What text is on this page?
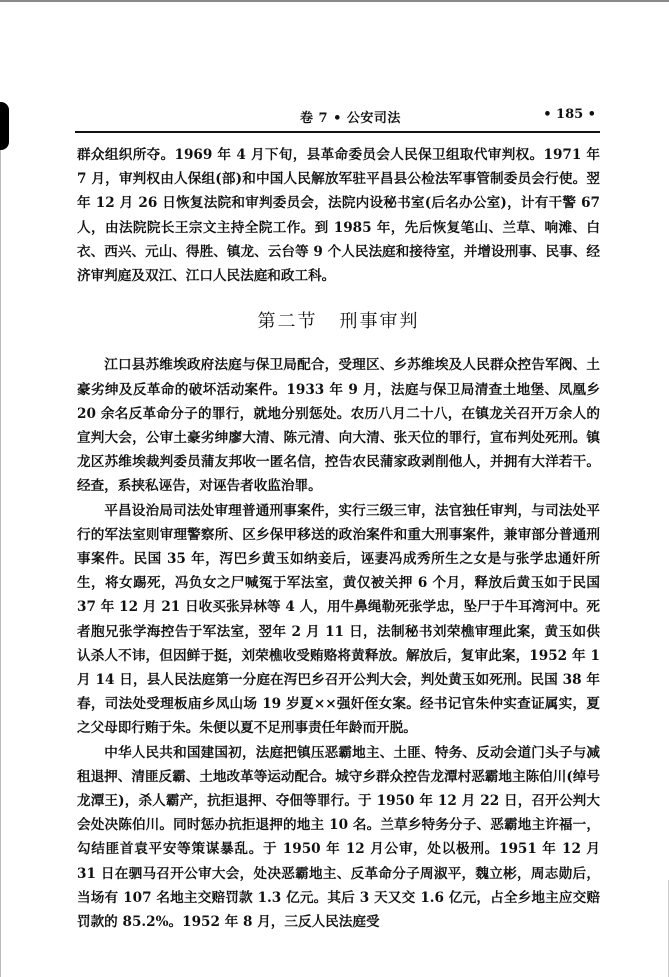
卷 7 • 公安司法	• 185 •

群众组织所夺。1969 年 4 月下旬，县革命委员会人民保卫组取代审判权。1971 年 7 月，审判权由人保组(部)和中国人民解放军驻平昌县公检法军事管制委员会行使。翌年 12 月 26 日恢复法院和审判委员会，法院内设秘书室(后名办公室)，计有干警 67人，由法院院长王宗文主持全院工作。到 1985 年，先后恢复笔山、兰草、响滩、白衣、西兴、元山、得胜、镇龙、云台等 9 个人民法庭和接待室，并增设刑事、民事、经济审判庭及双江、江口人民法庭和政工科。

第二节 刑事审判

江口县苏维埃政府法庭与保卫局配合，受理区、乡苏维埃及人民群众控告军阀、土豪劣绅及反革命的破坏活动案件。1933 年 9 月，法庭与保卫局清查土地堡、凤凰乡 20 余名反革命分子的罪行，就地分别惩处。农历八月二十八，在镇龙关召开万余人的宣判大会，公审土豪劣绅廖大清、陈元清、向大清、张天位的罪行，宣布判处死刑。镇龙区苏维埃裁判委员蒲友邦收一匿名信，控告农民蒲家政剥削他人，并拥有大洋若干。经查，系挟私诬告，对诬告者收监治罪。

平昌设治局司法处审理普通刑事案件，实行三级三审，法官独任审判，与司法处平行的军法室则审理警察所、区乡保甲移送的政治案件和重大刑事案件，兼审部分普通刑事案件。民国 35 年，泻巴乡黄玉如纳妾后，诬妻冯成秀所生之女是与张学忠通奸所生，将女踢死，冯负女之尸喊冤于军法室，黄仅被关押 6 个月，释放后黄玉如于民国 37 年 12 月 21 日收买张异林等 4 人，用牛鼻绳勒死张学忠，坠尸于牛耳湾河中。死者胞兄张学海控告于军法室，翌年 2 月 11 日，法制秘书刘荣樵审理此案，黄玉如供认杀人不讳，但因鲜于挺，刘荣樵收受贿赂将黄释放。解放后，复审此案，1952 年 1 月 14 日，县人民法庭第一分庭在泻巴乡召开公判大会，判处黄玉如死刑。民国 38 年春，司法处受理板庙乡凤山场 19 岁夏××强奸侄女案。经书记官朱仲实查证属实，夏之父母即行贿于朱。朱便以夏不足刑事责任年龄而开脱。

中华人民共和国建国初，法庭把镇压恶霸地主、土匪、特务、反动会道门头子与减租退押、清匪反霸、土地改革等运动配合。城守乡群众控告龙潭村恶霸地主陈伯川(绰号龙潭王)，杀人霸产，抗拒退押、夺佃等罪行。于 1950 年 12 月 22 日，召开公判大会处决陈伯川。同时惩办抗拒退押的地主 10 名。兰草乡特务分子、恶霸地主许福一，勾结匪首袁平安等策谋暴乱。于 1950 年 12 月公审，处以极刑。1951 年 12 月 31 日在驷马召开公审大会，处决恶霸地主、反革命分子周淑平，魏立彬，周志勋后，当场有 107 名地主交赔罚款 1.3 亿元。其后 3 天又交 1.6 亿元，占全乡地主应交赔罚款的 85.2%。1952 年 8 月，三反人民法庭受
